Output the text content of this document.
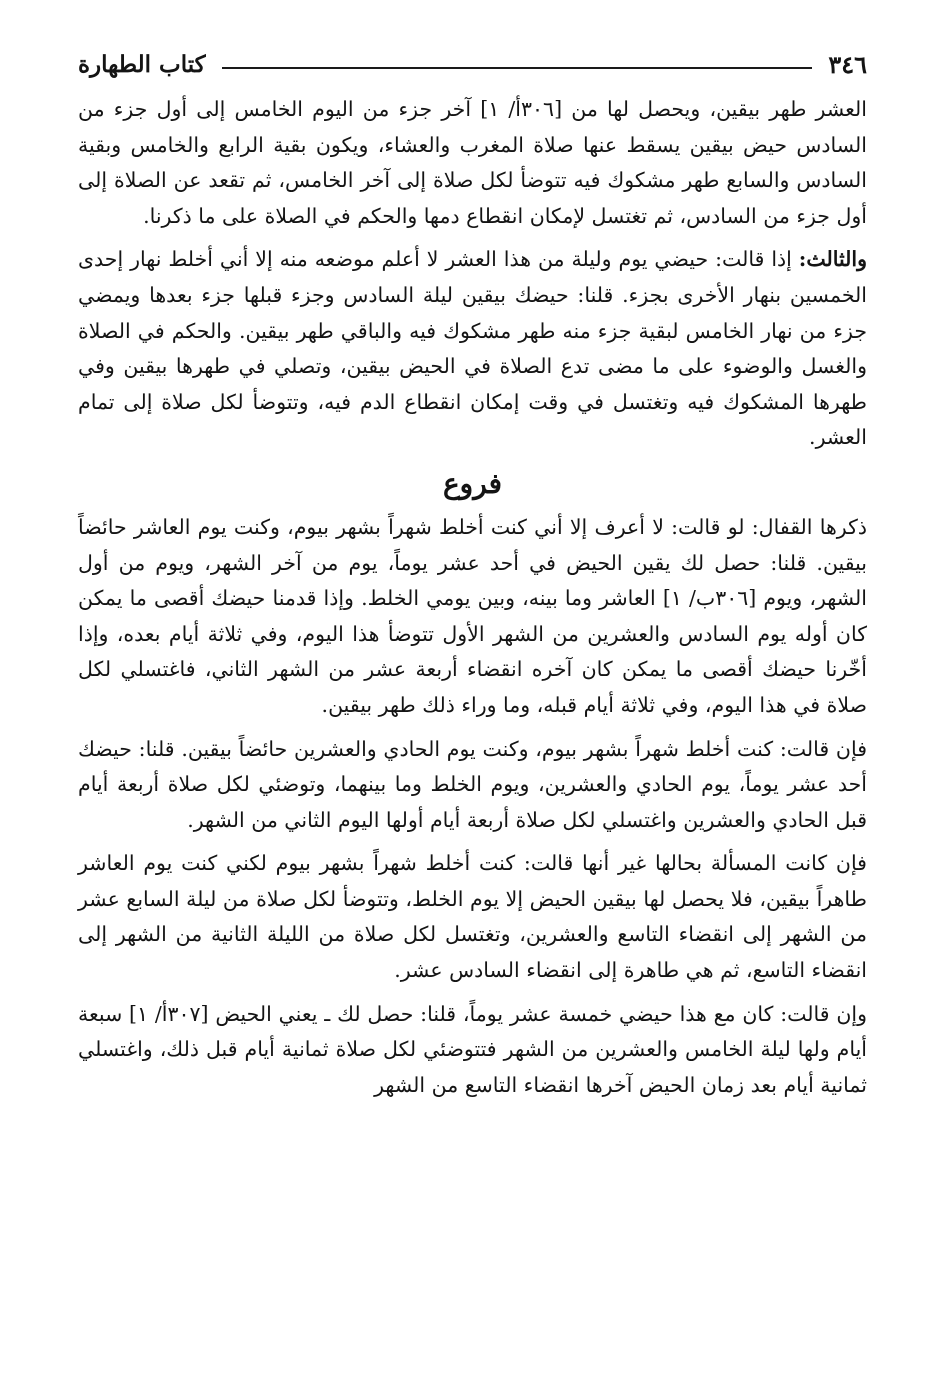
٣٤٦
كتاب الطهارة

العشر طهر بيقين، ويحصل لها من [٣٠٦أ/ ١] آخر جزء من اليوم الخامس إلى أول جزء من السادس حيض بيقين يسقط عنها صلاة المغرب والعشاء، ويكون بقية الرابع والخامس وبقية السادس والسابع طهر مشكوك فيه تتوضأ لكل صلاة إلى آخر الخامس، ثم تقعد عن الصلاة إلى أول جزء من السادس، ثم تغتسل لإمكان انقطاع دمها والحكم في الصلاة على ما ذكرنا.

والثالث: إذا قالت: حيضي يوم وليلة من هذا العشر لا أعلم موضعه منه إلا أني أخلط نهار إحدى الخمسين بنهار الأخرى بجزء. قلنا: حيضك بيقين ليلة السادس وجزء قبلها جزء بعدها ويمضي جزء من نهار الخامس لبقية جزء منه طهر مشكوك فيه والباقي طهر بيقين. والحكم في الصلاة والغسل والوضوء على ما مضى تدع الصلاة في الحيض بيقين، وتصلي في طهرها بيقين وفي طهرها المشكوك فيه وتغتسل في وقت إمكان انقطاع الدم فيه، وتتوضأ لكل صلاة إلى تمام العشر.

فروع

ذكرها القفال: لو قالت: لا أعرف إلا أني كنت أخلط شهراً بشهر بيوم، وكنت يوم العاشر حائضاً بيقين. قلنا: حصل لك يقين الحيض في أحد عشر يوماً، يوم من آخر الشهر، ويوم من أول الشهر، ويوم [٣٠٦ب/ ١] العاشر وما بينه، وبين يومي الخلط. وإذا قدمنا حيضك أقصى ما يمكن كان أوله يوم السادس والعشرين من الشهر الأول تتوضأ هذا اليوم، وفي ثلاثة أيام بعده، وإذا أخّرنا حيضك أقصى ما يمكن كان آخره انقضاء أربعة عشر من الشهر الثاني، فاغتسلي لكل صلاة في هذا اليوم، وفي ثلاثة أيام قبله، وما وراء ذلك طهر بيقين.

فإن قالت: كنت أخلط شهراً بشهر بيوم، وكنت يوم الحادي والعشرين حائضاً بيقين. قلنا: حيضك أحد عشر يوماً، يوم الحادي والعشرين، ويوم الخلط وما بينهما، وتوضئي لكل صلاة أربعة أيام قبل الحادي والعشرين واغتسلي لكل صلاة أربعة أيام أولها اليوم الثاني من الشهر.

فإن كانت المسألة بحالها غير أنها قالت: كنت أخلط شهراً بشهر بيوم لكني كنت يوم العاشر طاهراً بيقين، فلا يحصل لها بيقين الحيض إلا يوم الخلط، وتتوضأ لكل صلاة من ليلة السابع عشر من الشهر إلى انقضاء التاسع والعشرين، وتغتسل لكل صلاة من الليلة الثانية من الشهر إلى انقضاء التاسع، ثم هي طاهرة إلى انقضاء السادس عشر.

وإن قالت: كان مع هذا حيضي خمسة عشر يوماً، قلنا: حصل لك ـ يعني الحيض [٣٠٧أ/ ١] سبعة أيام ولها ليلة الخامس والعشرين من الشهر فتتوضئي لكل صلاة ثمانية أيام قبل ذلك، واغتسلي ثمانية أيام بعد زمان الحيض آخرها انقضاء التاسع من الشهر
